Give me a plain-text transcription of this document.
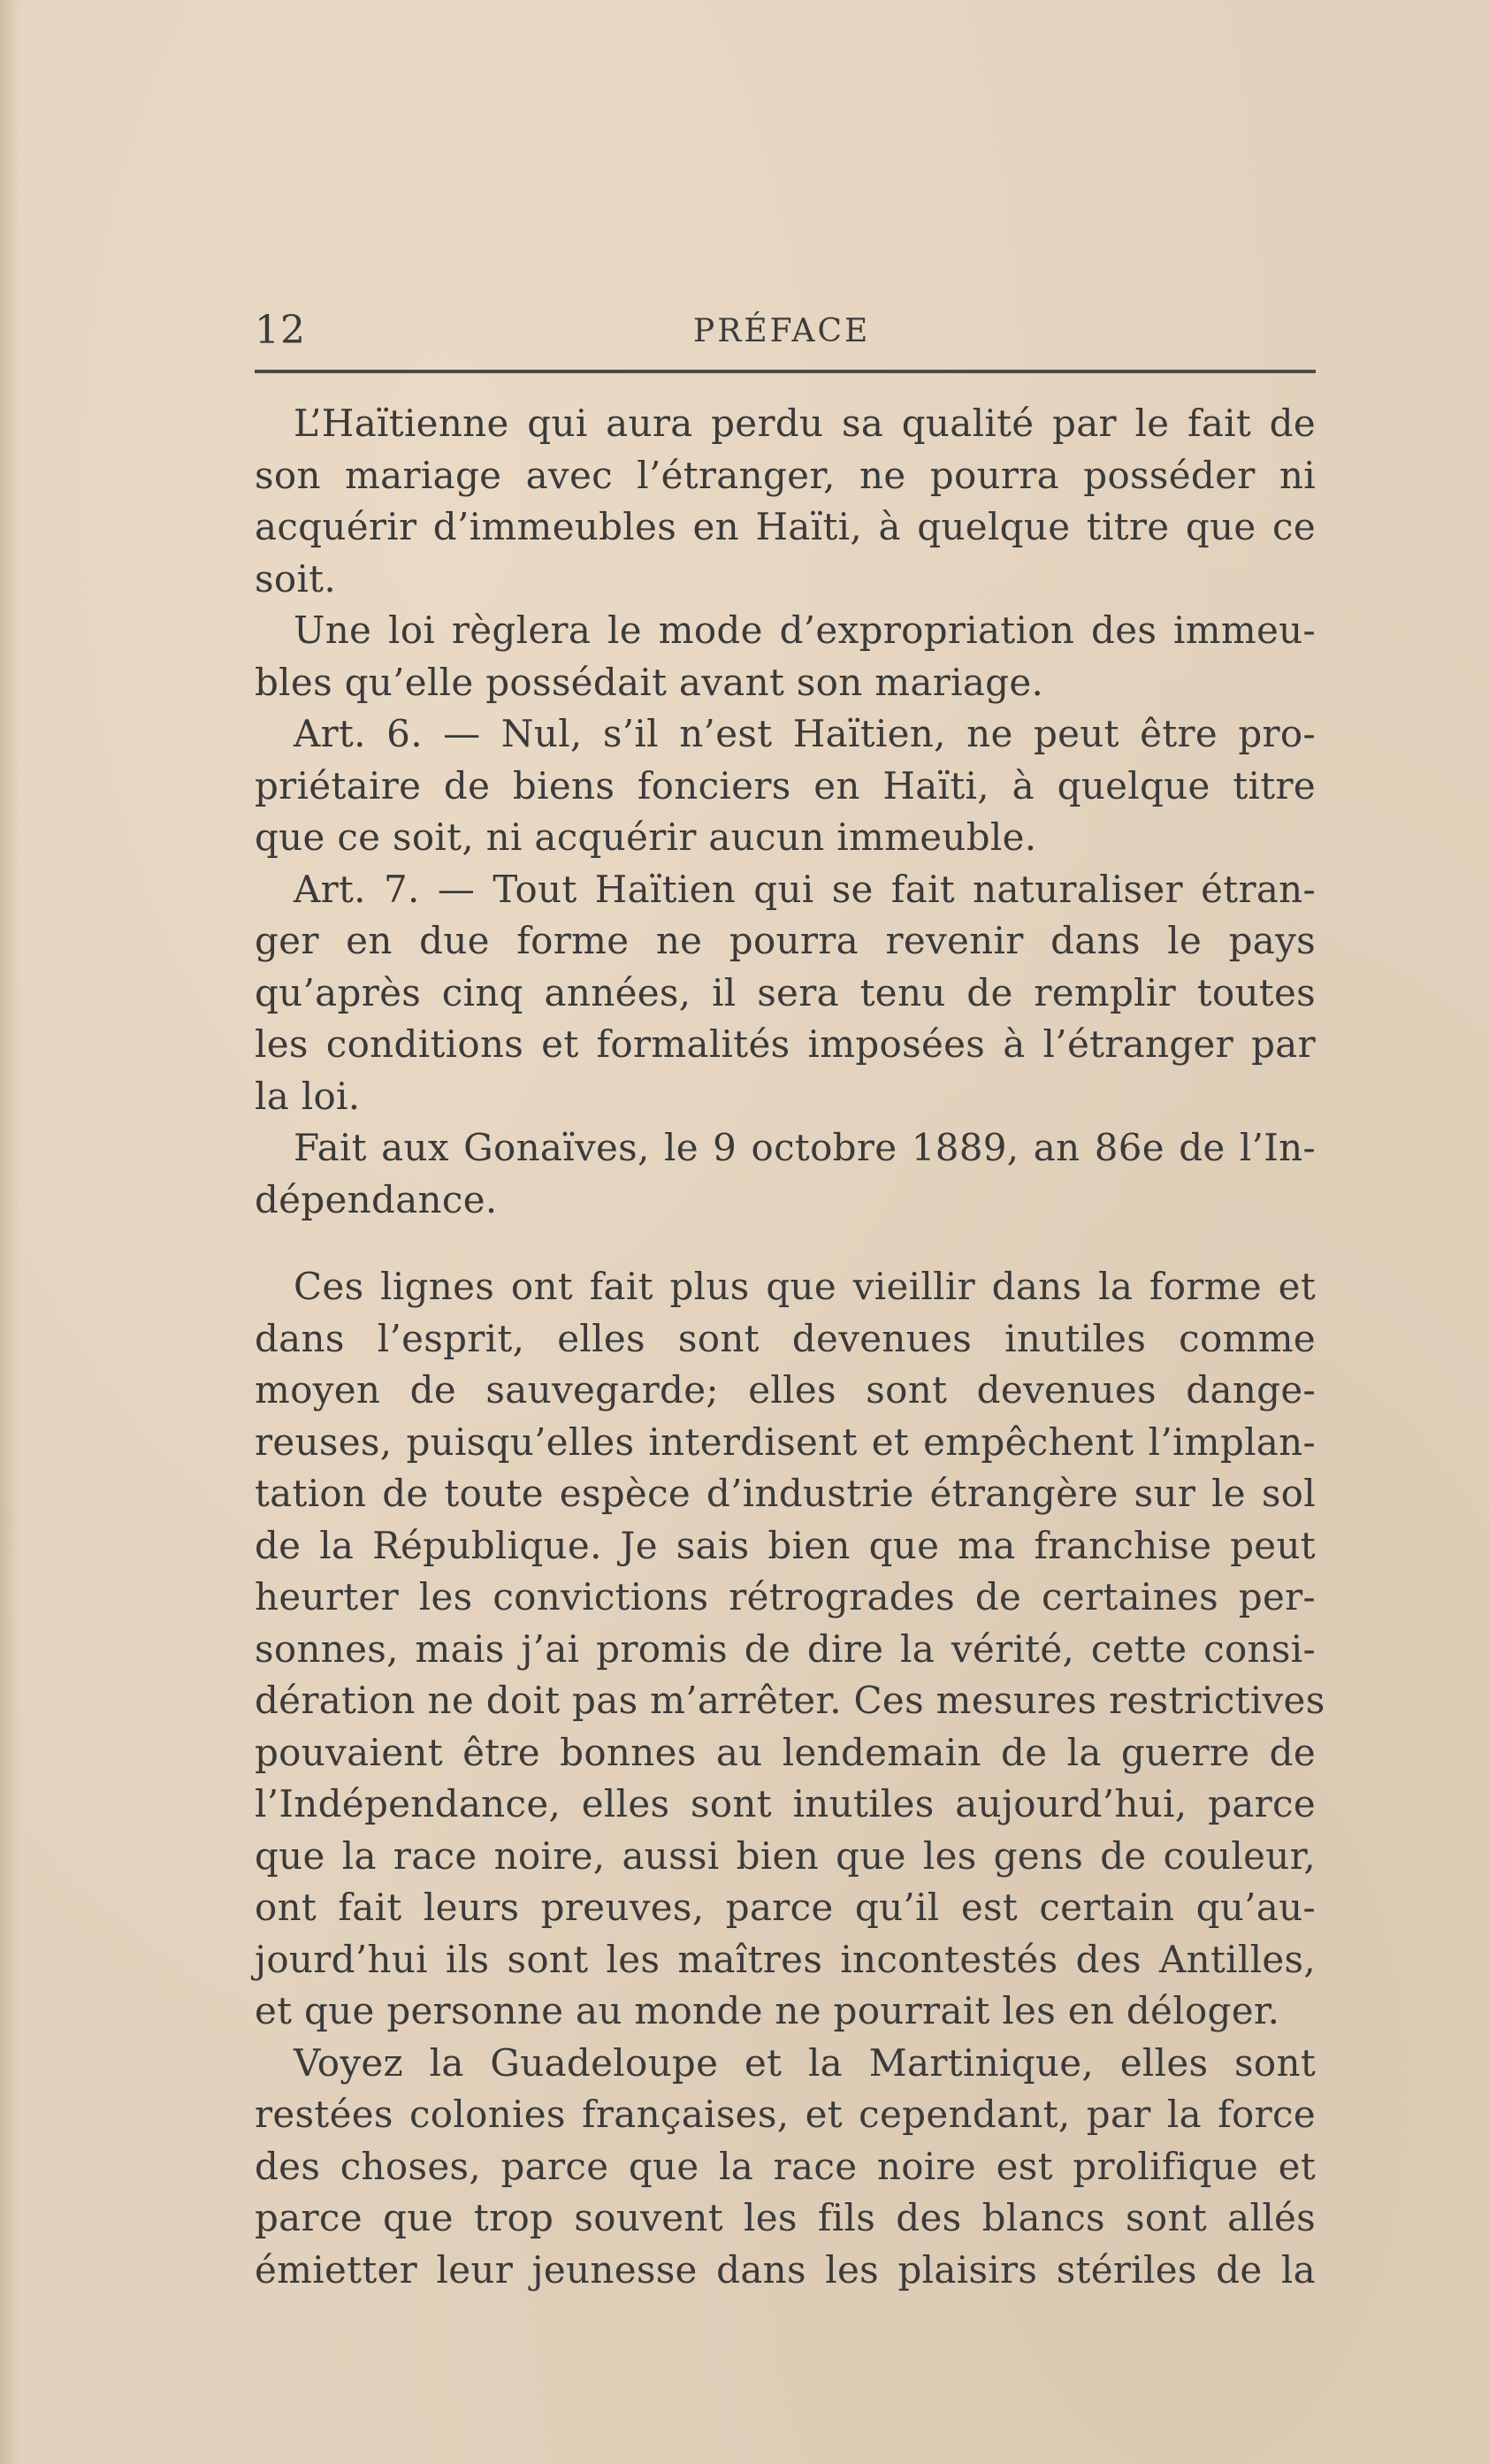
12	PRÉFACE
L’Haïtienne qui aura perdu sa qualité par le fait de
son mariage avec l’étranger, ne pourra posséder ni
acquérir d’immeubles en Haïti, à quelque titre que ce
soit.
Une loi règlera le mode d’expropriation des immeu-
bles qu’elle possédait avant son mariage.
Art. 6. — Nul, s’il n’est Haïtien, ne peut être pro-
priétaire de biens fonciers en Haïti, à quelque titre
que ce soit, ni acquérir aucun immeuble.
Art. 7. — Tout Haïtien qui se fait naturaliser étran-
ger en due forme ne pourra revenir dans le pays
qu’après cinq années, il sera tenu de remplir toutes
les conditions et formalités imposées à l’étranger par
la loi.
Fait aux Gonaïves, le 9 octobre 1889, an 86e de l’In-
dépendance.
Ces lignes ont fait plus que vieillir dans la forme et
dans l’esprit, elles sont devenues inutiles comme
moyen de sauvegarde; elles sont devenues dange-
reuses, puisqu’elles interdisent et empêchent l’implan-
tation de toute espèce d’industrie étrangère sur le sol
de la République. Je sais bien que ma franchise peut
heurter les convictions rétrogrades de certaines per-
sonnes, mais j’ai promis de dire la vérité, cette consi-
dération ne doit pas m’arrêter. Ces mesures restrictives
pouvaient être bonnes au lendemain de la guerre de
l’Indépendance, elles sont inutiles aujourd’hui, parce
que la race noire, aussi bien que les gens de couleur,
ont fait leurs preuves, parce qu’il est certain qu’au-
jourd’hui ils sont les maîtres incontestés des Antilles,
et que personne au monde ne pourrait les en déloger.
Voyez la Guadeloupe et la Martinique, elles sont
restées colonies françaises, et cependant, par la force
des choses, parce que la race noire est prolifique et
parce que trop souvent les fils des blancs sont allés
émietter leur jeunesse dans les plaisirs stériles de la
